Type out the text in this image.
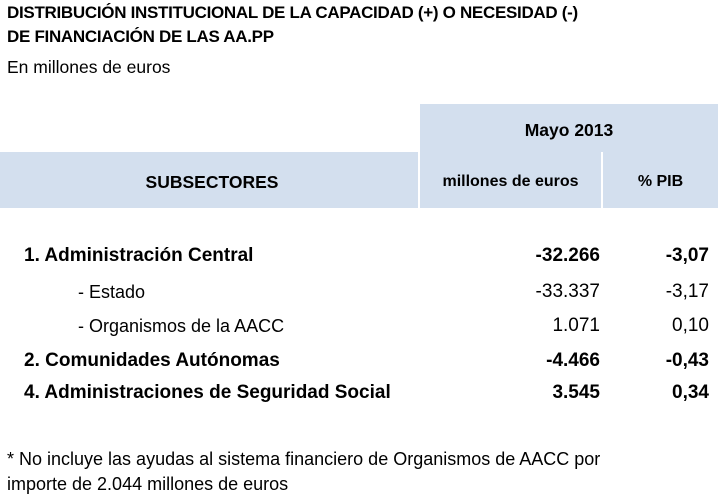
DISTRIBUCIÓN INSTITUCIONAL DE LA CAPACIDAD (+) O NECESIDAD (-)
DE FINANCIACIÓN DE LAS AA.PP
En millones de euros
Mayo 2013
SUBSECTORES	millones de euros	% PIB
1. Administración Central	-32.266	-3,07
- Estado	-33.337	-3,17
- Organismos de la AACC	1.071	0,10
2. Comunidades Autónomas	-4.466	-0,43
4. Administraciones de Seguridad Social	3.545	0,34
* No incluye las ayudas al sistema financiero de Organismos de AACC por
importe de 2.044 millones de euros
